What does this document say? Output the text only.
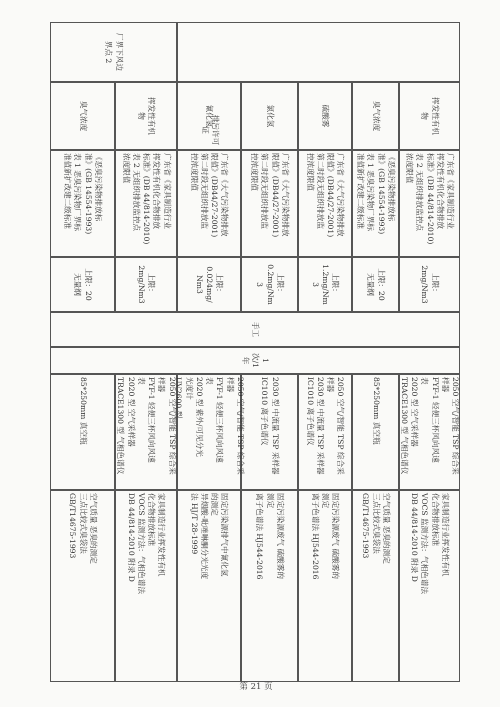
厂界下风边
界点 2
挥发性有机
物
广东省《家具制造行业
挥发性有机化合物排放
标准》(DB 44/814-2010)
表 2 无组织排放监控点
浓度限值
上限：
2mg/Nm3
2050 空气/智能 TSP 综合采
样器
FYF-1 轻便三杯风向风速
表
2020 型 空气采样器
TRACE1300 型 气相色谱仪
家具制造行业挥发性有机
化合物排放标准
VOCS 监测方法：气相色谱法
DB 44/814-2010 附录 D
臭气浓度
《恶臭污染物排放标
准》(GB 14554-1993)
表 1 恶臭污染物厂界标
准值新扩改建二级标准
上限：20
无量纲
85*250mm 真空瓶
空气质量 恶臭的测定
三点比较式臭袋法
GB/T14675-1993
硫酸雾
广东省《大气污染物排放
限值》(DB44/27-2001)
第二时段无组织排放监
控浓度限值
上限：
1.2mg/Nm
3
2050 空气/智能 TSP 综合采
样器
2030 型 中流量 TSP 采样器
IC1010 离子色谱仪
固定污染源废气 硫酸雾的
测定
离子色谱法 HJ544-2016
氯化氢
广东省《大气污染物排放
限值》(DB44/27-2001)
第二时段无组织排放监
控浓度限值
上限：
0.2mg/Nm
3
2030 型 中流量 TSP 采样器
IC1010 离子色谱仪
固定污染源废气 硫酸雾的
测定
离子色谱法 HJ544-2016
氰化氢
广东省《大气污染物排放
限值》(DB44/27-2001)
第二时段无组织排放监
控浓度限值
上限：
0.024mg/
Nm3
2050 空气/智能 TSP 综合采
样器
FYF-1 轻便三杯风向风速
表
2020 型 紫外/可见分光
光度计
UV2600 型
固定污染源排气中氰化氢
的测定
异烟酸-吡唑啉酮分光光度
法 HJ/T 28-1999
挥发性有机
物
广东省《家具制造行业
挥发性有机化合物排放
标准》(DB 44/814-2010)
表 2 无组织排放监控点
浓度限值
上限：
2mg/Nm3
2050 空气/智能 TSP 综合采
样器
FYF-1 轻便三杯风向风速
表
2020 型 空气采样器
TRACE1300 型 气相色谱仪
家具制造行业挥发性有机
化合物排放标准
VOCS 监测方法：气相色谱法
DB 44/814-2010 附录 D
臭气浓度
《恶臭污染物排放标
准》(GB 14554-1993)
表 1 恶臭污染物厂界标
准值新扩改建二级标准
上限：20
无量纲
85*250mm 真空瓶
空气质量 恶臭的测定
三点比较式臭袋法
GB/T14675-1993
手工
1 次/1
年
排污许可证
第 21 页
